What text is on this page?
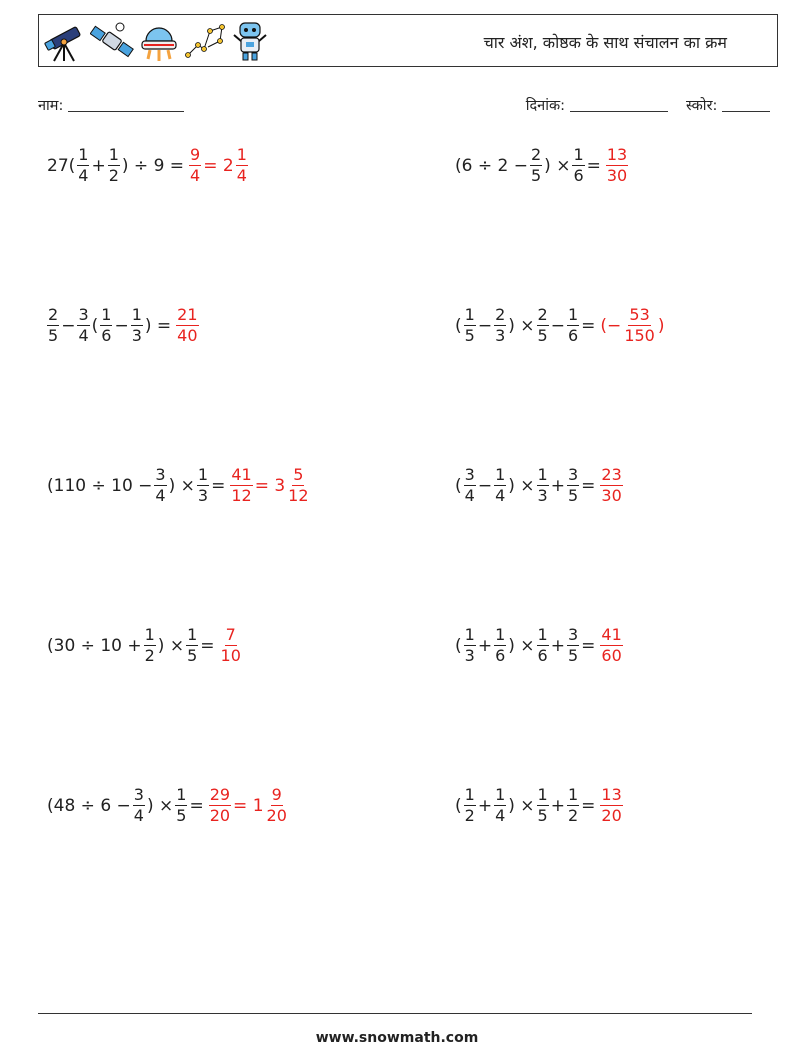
चार अंश, कोष्ठक के साथ संचालन का क्रम
नाम:	दिनांक:	स्कोर:
$27( \frac{1}{4} + \frac{1}{2}$ ) ÷ $9 = \frac{9}{4} = 2 \frac{1}{4}$	($6 \div 2 - \frac{2}{5}$ ) × $\frac{1}{6} = \frac{13}{30}$
$\frac{2}{5} - \frac{3}{4}$ ( $\frac{1}{6} - \frac{1}{3}$ ) = $\frac{21}{40}$	( $\frac{1}{5} - \frac{2}{3}$ ) × $\frac{2}{5} - \frac{1}{6}$ = (− $\frac{53}{150}$ )
($110 \div 10 - \frac{3}{4}$ ) × $\frac{1}{3} = \frac{41}{12} = 3 \frac{5}{12}$	( $\frac{3}{4} - \frac{1}{4}$ ) × $\frac{1}{3} + \frac{3}{5} = \frac{23}{30}$
($30 \div 10 + \frac{1}{2}$ ) × $\frac{1}{5} = \frac{7}{10}$	( $\frac{1}{3} + \frac{1}{6}$ ) × $\frac{1}{6} + \frac{3}{5} = \frac{41}{60}$
($48 \div 6 - \frac{3}{4}$ ) × $\frac{1}{5} = \frac{29}{20} = 1 \frac{9}{20}$	( $\frac{1}{2} + \frac{1}{4}$ ) × $\frac{1}{5} + \frac{1}{2} = \frac{13}{20}$
www.snowmath.com
